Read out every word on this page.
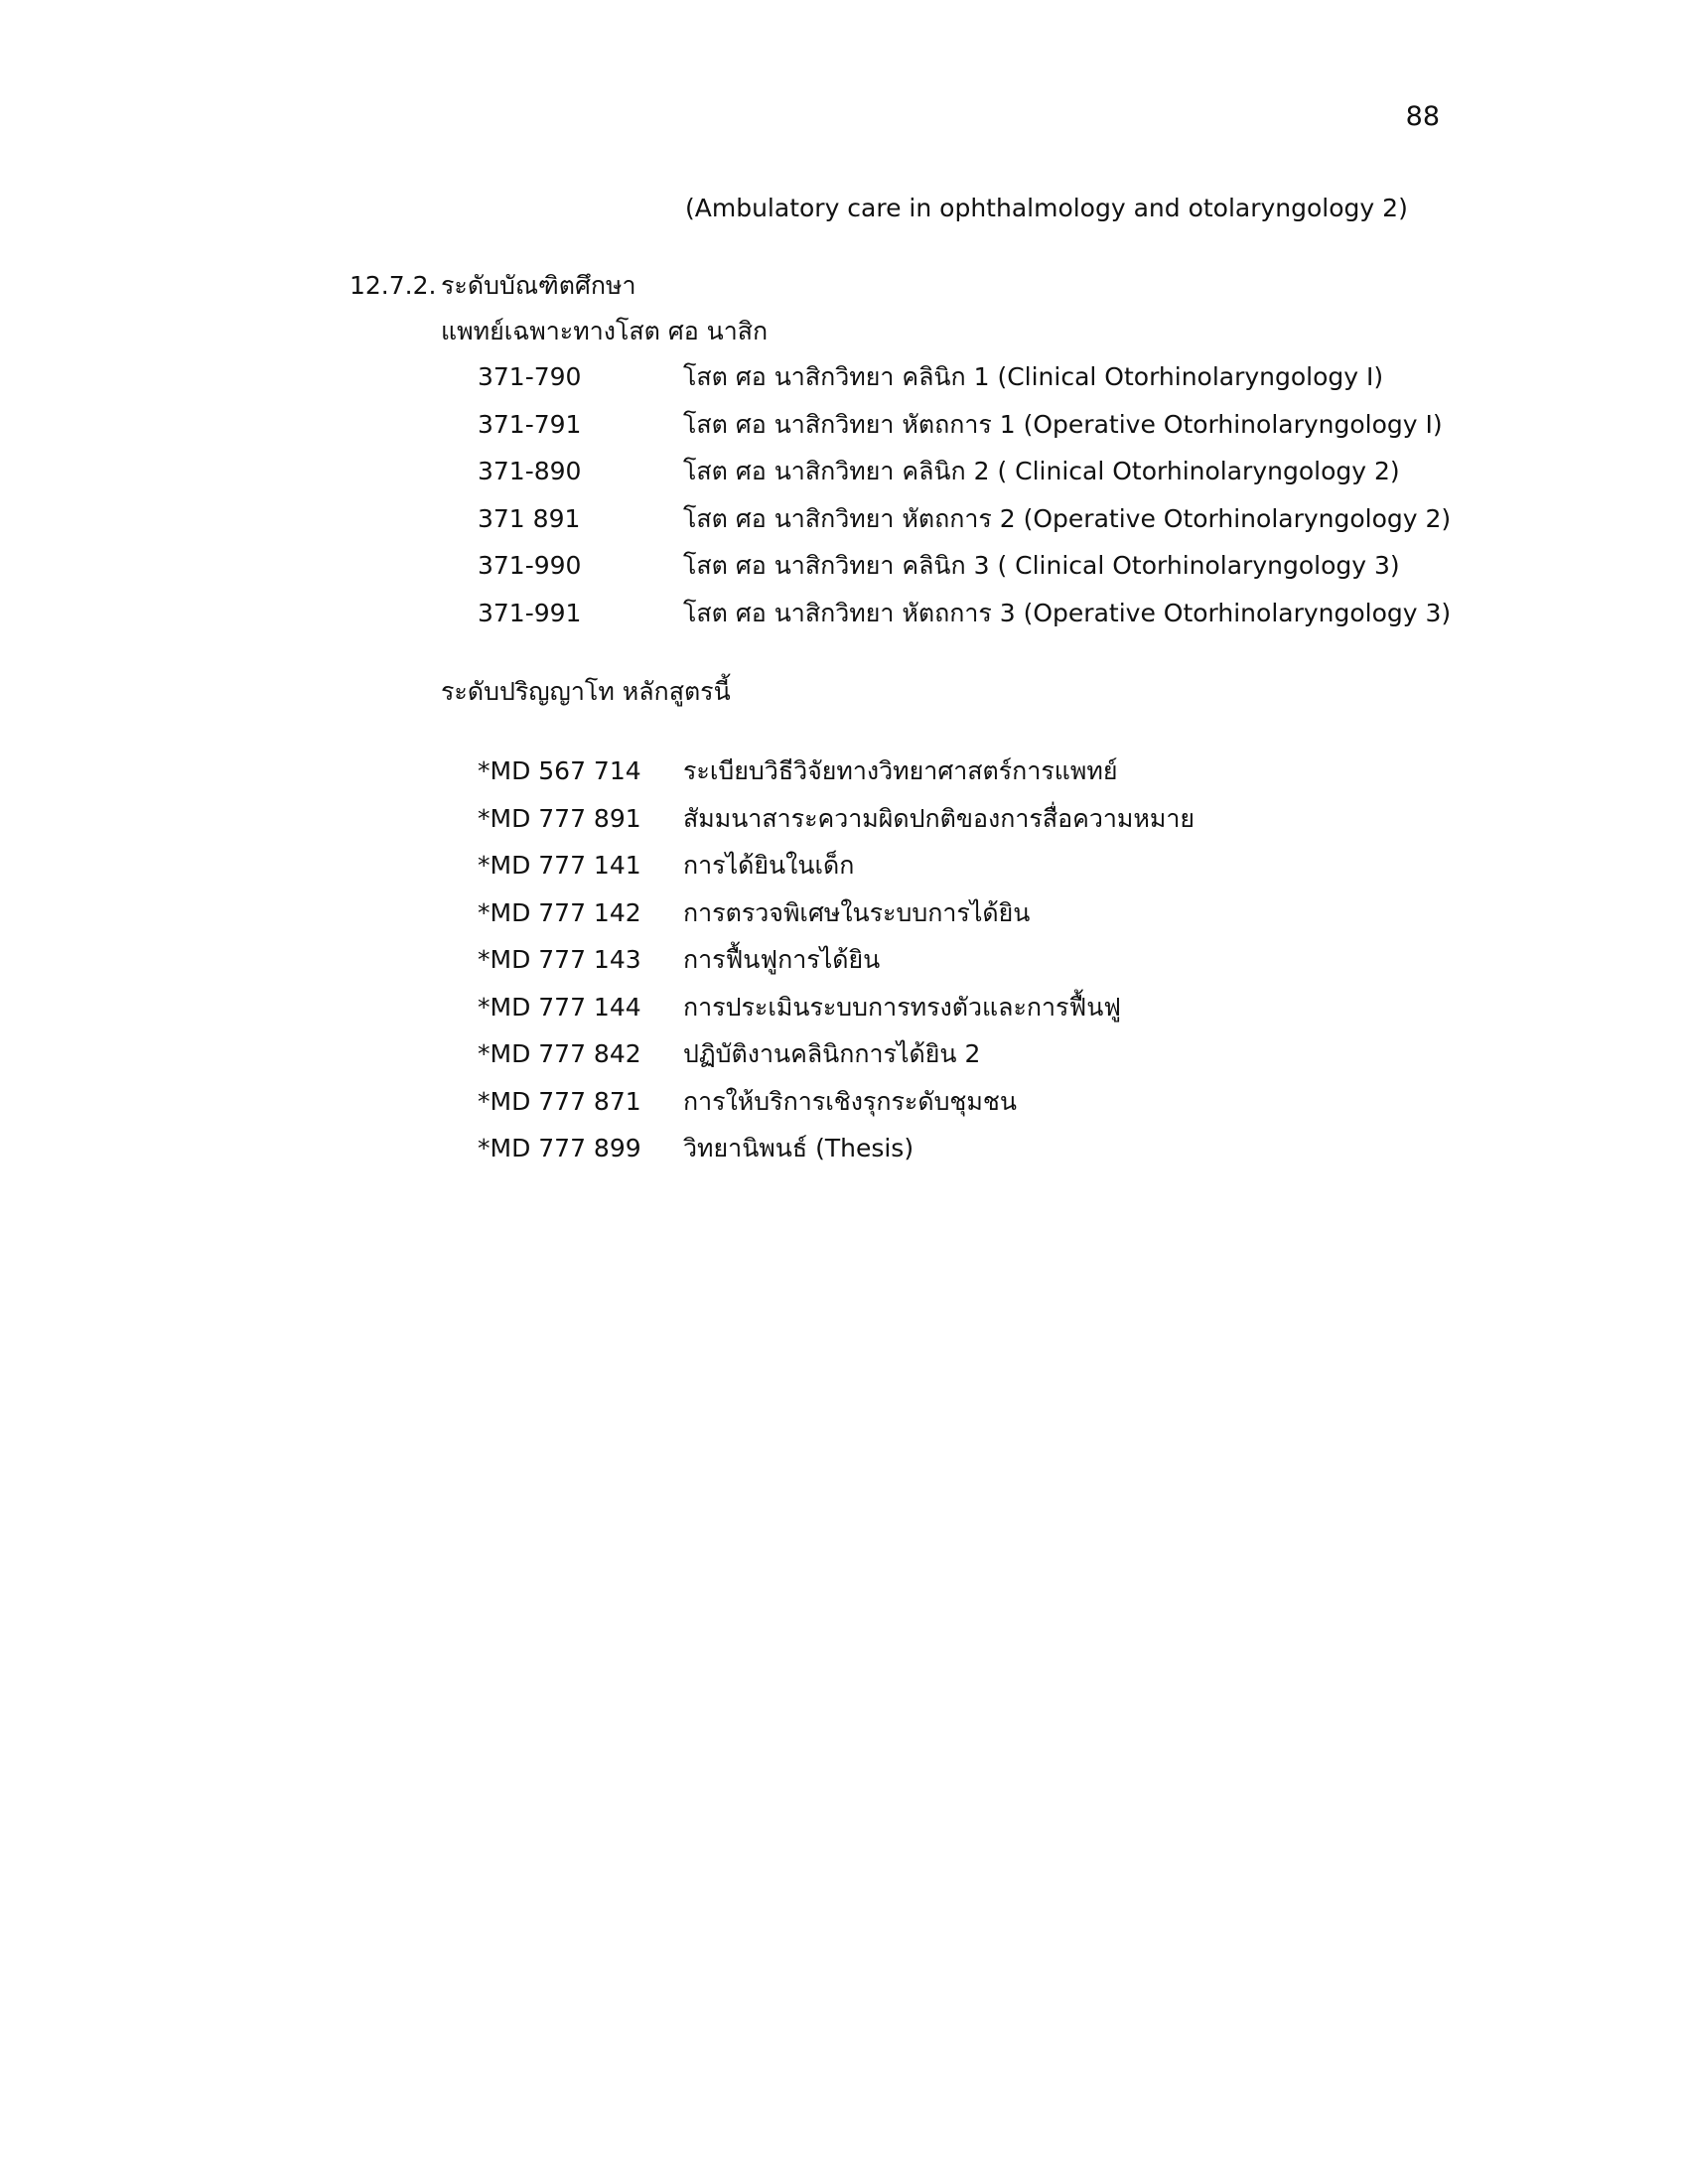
88
(Ambulatory care in ophthalmology and otolaryngology 2)
12.7.2. ระดับบัณฑิตศึกษา
แพทย์เฉพาะทางโสต ศอ นาสิก
371-790	โสต ศอ นาสิกวิทยา คลินิก 1 (Clinical Otorhinolaryngology I)
371-791	โสต ศอ นาสิกวิทยา หัตถการ 1 (Operative Otorhinolaryngology I)
371-890	โสต ศอ นาสิกวิทยา คลินิก 2 ( Clinical Otorhinolaryngology 2)
371 891	โสต ศอ นาสิกวิทยา หัตถการ 2 (Operative Otorhinolaryngology 2)
371-990	โสต ศอ นาสิกวิทยา คลินิก 3 ( Clinical Otorhinolaryngology 3)
371-991	โสต ศอ นาสิกวิทยา หัตถการ 3 (Operative Otorhinolaryngology 3)
ระดับปริญญาโท หลักสูตรนี้
*MD 567 714	ระเบียบวิธีวิจัยทางวิทยาศาสตร์การแพทย์
*MD 777 891	สัมมนาสาระความผิดปกติของการสื่อความหมาย
*MD 777 141	การได้ยินในเด็ก
*MD 777 142	การตรวจพิเศษในระบบการได้ยิน
*MD 777 143	การฟื้นฟูการได้ยิน
*MD 777 144	การประเมินระบบการทรงตัวและการฟื้นฟู
*MD 777 842	ปฏิบัติงานคลินิกการได้ยิน 2
*MD 777 871	การให้บริการเชิงรุกระดับชุมชน
*MD 777 899	วิทยานิพนธ์ (Thesis)
